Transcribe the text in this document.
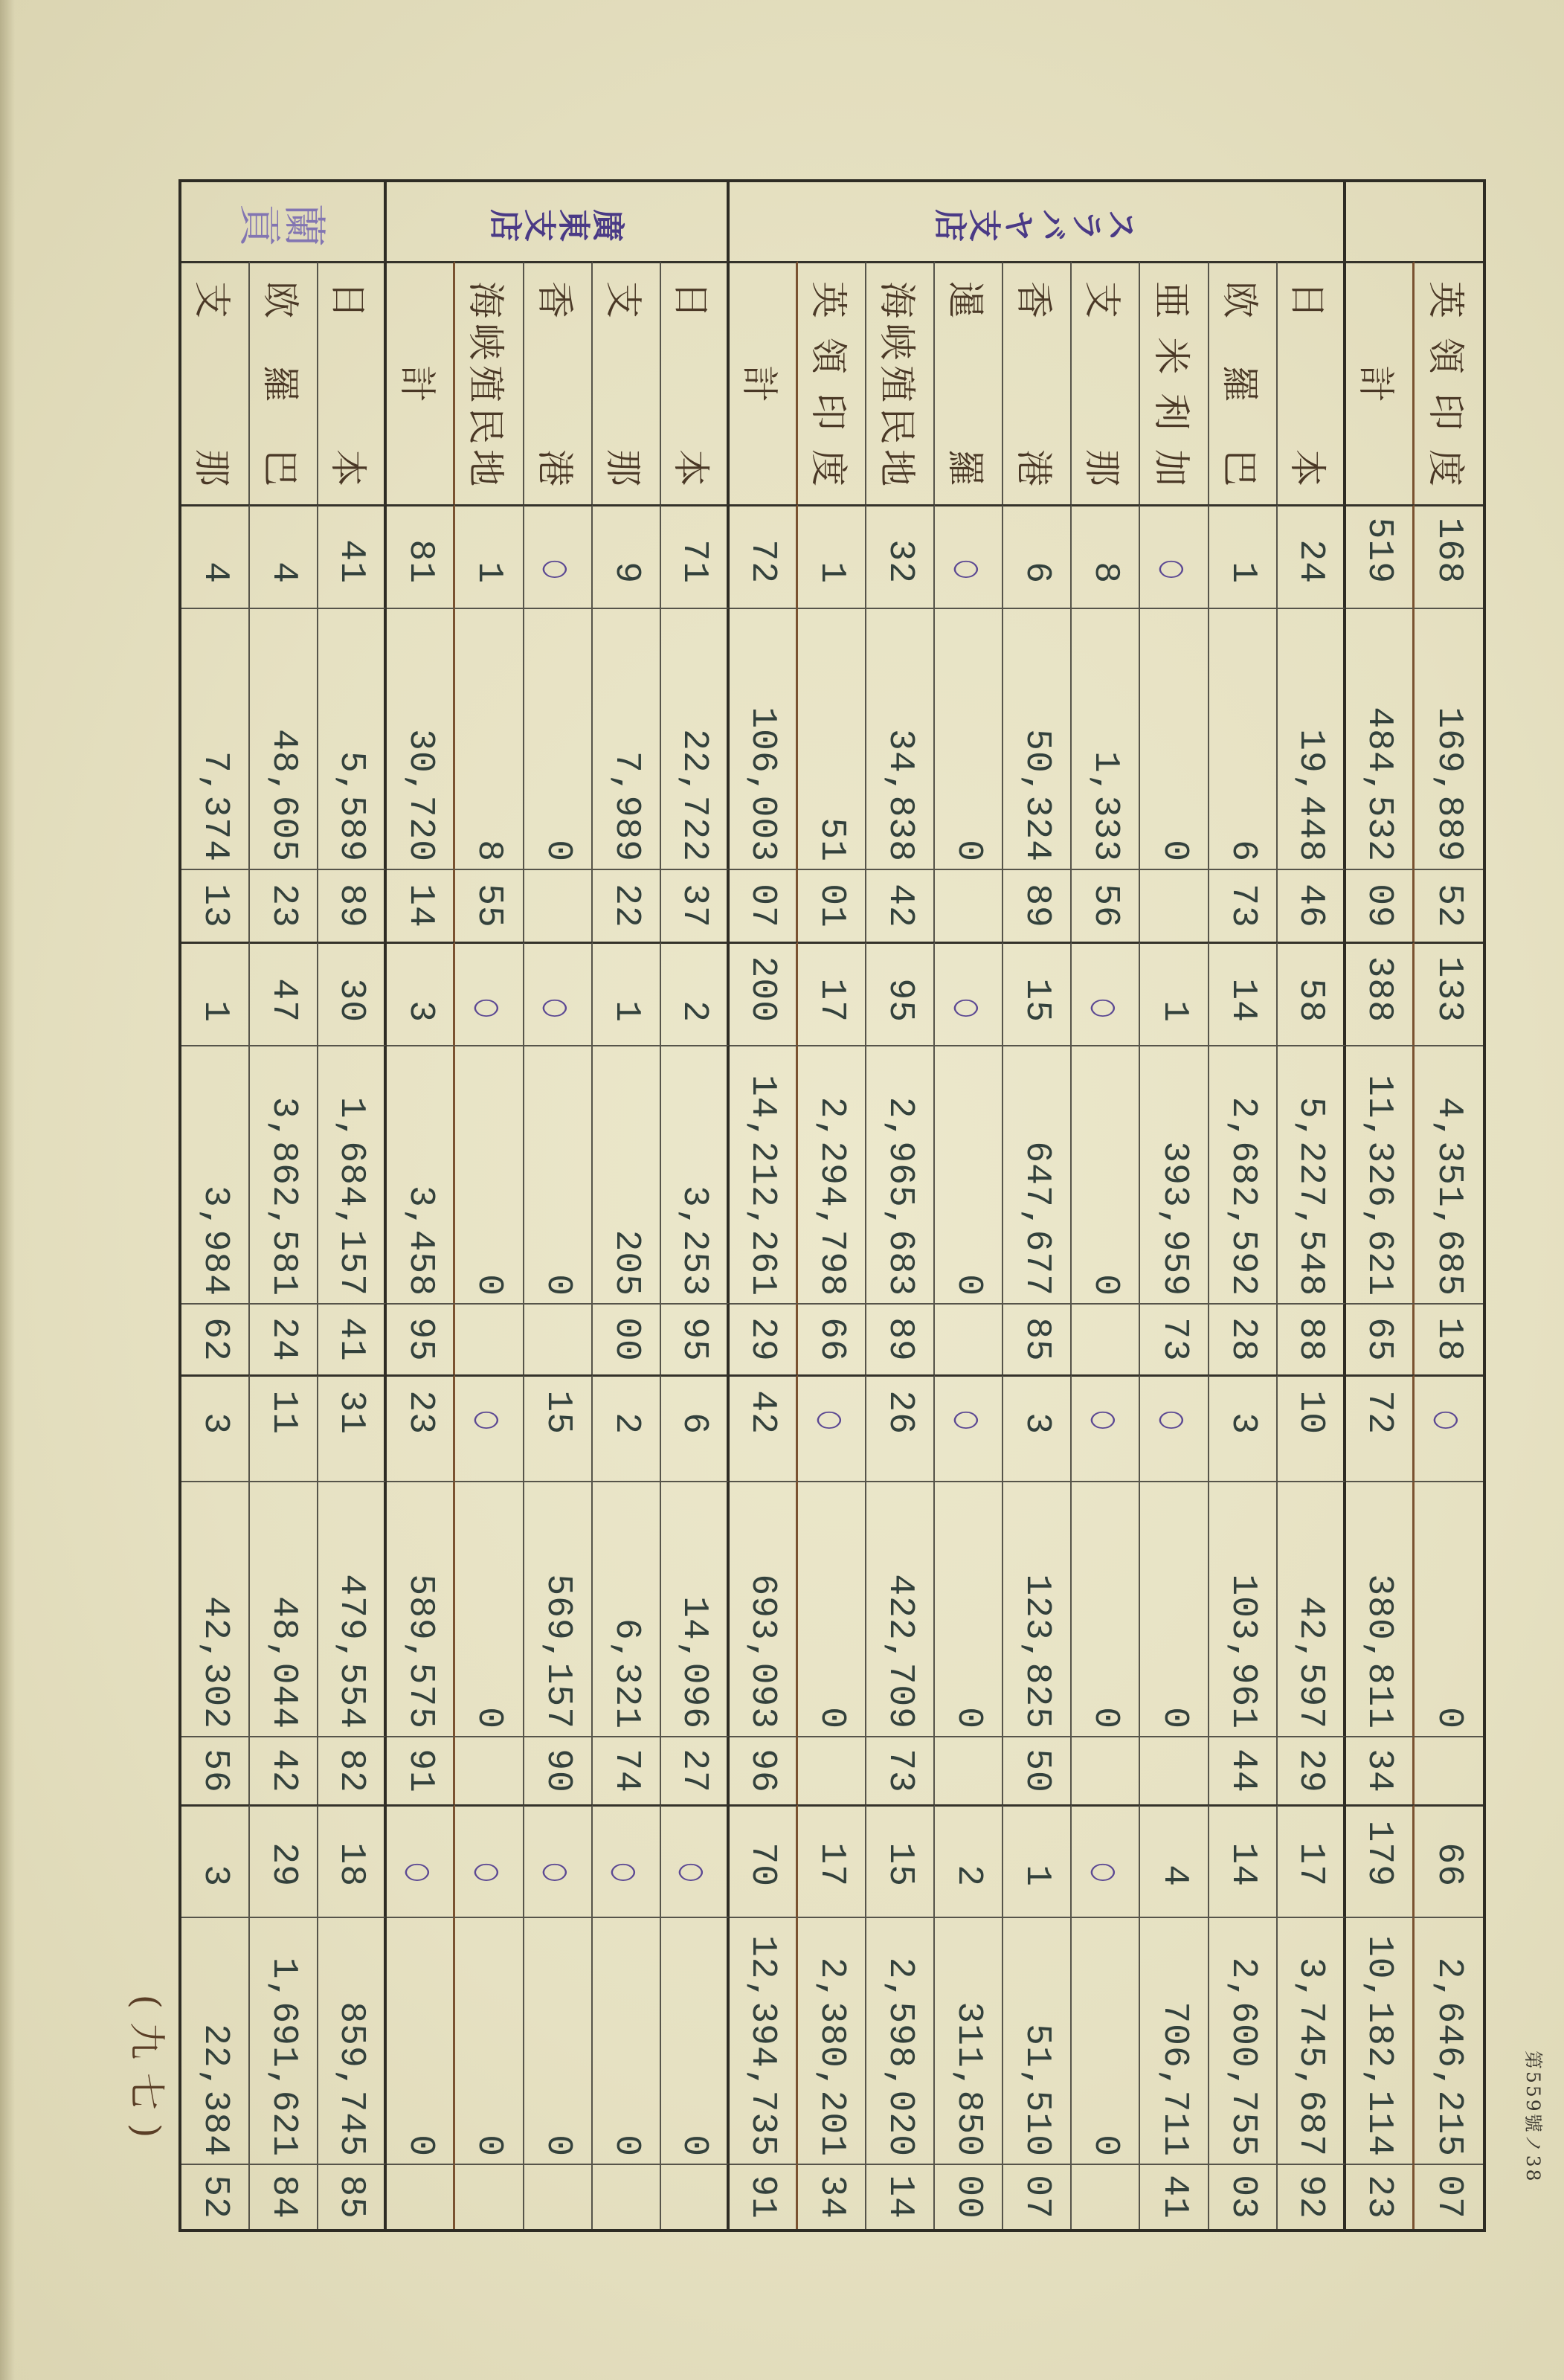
第559號ノ38
英領印度
168
169,889
52
133
4,351,685
18
○
0
66
2,646,215
07
計
519
484,532
09
388
11,326,621
65
72
380,811
34
179
10,182,114
23
スラバヤ支店
日本
24
19,448
46
58
5,227,548
88
10
42,597
29
17
3,745,687
92
欧羅巴
1
6
73
14
2,682,592
28
3
103,961
44
14
2,600,755
03
亜米利加
○
0
1
393,959
73
○
0
4
706,711
41
支那
8
1,333
56
○
0
○
0
○
0
香港
6
50,324
89
15
647,677
85
3
123,825
50
1
51,510
07
暹羅
○
0
○
0
○
0
2
311,850
00
海峡殖民地
32
34,838
42
95
2,965,683
89
26
422,709
73
15
2,598,020
14
英領印度
1
51
01
17
2,294,798
66
○
0
17
2,380,201
34
計
72
106,003
07
200
14,212,261
29
42
693,093
96
70
12,394,735
91
廣東支店
日本
71
22,722
37
2
3,253
95
6
14,096
27
○
0
支那
9
7,989
22
1
205
00
2
6,321
74
○
0
香港
○
0
○
0
15
569,157
90
○
0
海峡殖民地
1
8
55
○
0
○
0
○
0
計
81
30,720
14
3
3,458
95
23
589,575
91
○
0
蘭貢
日本
41
5,589
89
30
1,684,157
41
31
479,554
82
18
859,745
85
欧羅巴
4
48,605
23
47
3,862,581
24
11
48,044
42
29
1,691,621
84
支那
4
7,374
13
1
3,984
62
3
42,302
56
3
22,384
52
(九七)
